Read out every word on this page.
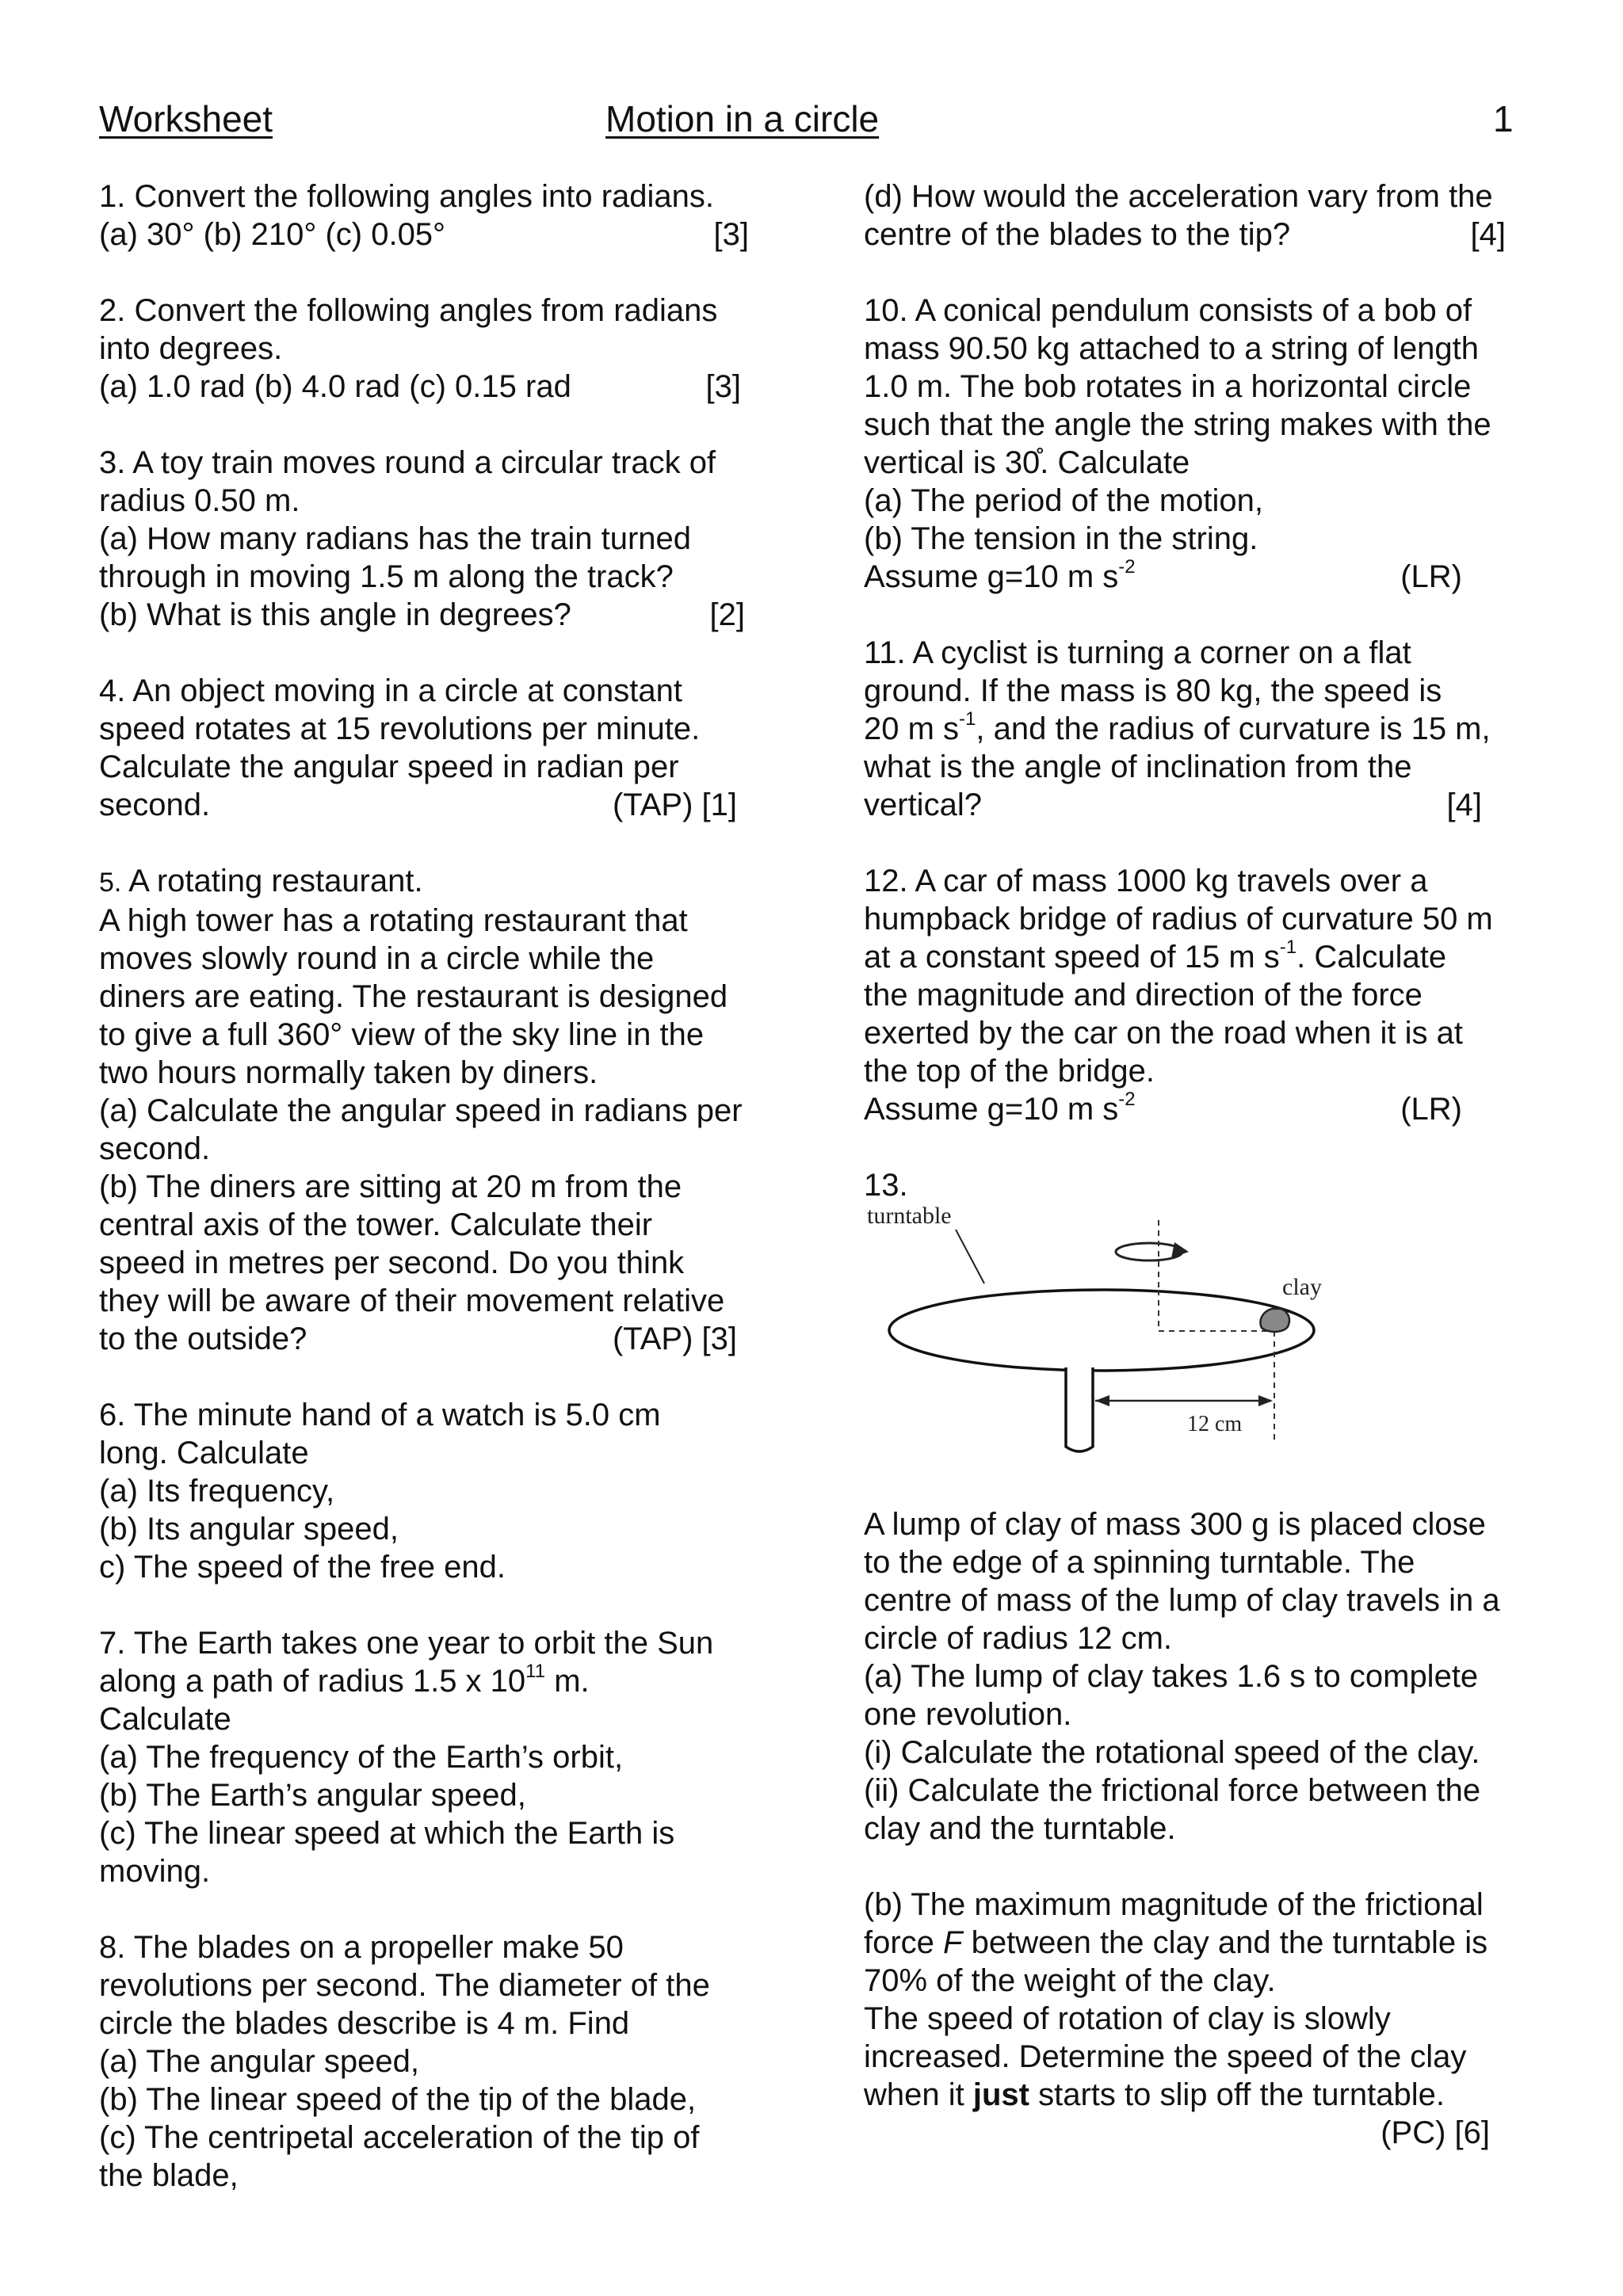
Worksheet	Motion in a circle	1
1. Convert the following angles into radians.
(a) 30° (b) 210° (c) 0.05°	[3]
2. Convert the following angles from radians
into degrees.
(a) 1.0 rad (b) 4.0 rad (c) 0.15 rad	[3]
3. A toy train moves round a circular track of
radius 0.50 m.
(a) How many radians has the train turned
through in moving 1.5 m along the track?
(b) What is this angle in degrees?	[2]
4. An object moving in a circle at constant
speed rotates at 15 revolutions per minute.
Calculate the angular speed in radian per
second.	(TAP) [1]
5. A rotating restaurant.
A high tower has a rotating restaurant that
moves slowly round in a circle while the
diners are eating. The restaurant is designed
to give a full 360° view of the sky line in the
two hours normally taken by diners.
(a) Calculate the angular speed in radians per
second.
(b) The diners are sitting at 20 m from the
central axis of the tower. Calculate their
speed in metres per second. Do you think
they will be aware of their movement relative
to the outside?	(TAP) [3]
6. The minute hand of a watch is 5.0 cm
long. Calculate
(a) Its frequency,
(b) Its angular speed,
c) The speed of the free end.
7. The Earth takes one year to orbit the Sun
along a path of radius 1.5 x $10^{11}$ m.
Calculate
(a) The frequency of the Earth’s orbit,
(b) The Earth’s angular speed,
(c) The linear speed at which the Earth is
moving.
8. The blades on a propeller make 50
revolutions per second. The diameter of the
circle the blades describe is 4 m. Find
(a) The angular speed,
(b) The linear speed of the tip of the blade,
(c) The centripetal acceleration of the tip of
the blade,
(d) How would the acceleration vary from the
centre of the blades to the tip?	[4]
10. A conical pendulum consists of a bob of
mass 90.50 kg attached to a string of length
1.0 m. The bob rotates in a horizontal circle
such that the angle the string makes with the
vertical is 30̊. Calculate
(a) The period of the motion,
(b) The tension in the string.
Assume g=10 m $s^{-2}$	(LR)
11. A cyclist is turning a corner on a flat
ground. If the mass is 80 kg, the speed is
20 m $s^{-1}$, and the radius of curvature is 15 m,
what is the angle of inclination from the
vertical?	[4]
12. A car of mass 1000 kg travels over a
humpback bridge of radius of curvature 50 m
at a constant speed of 15 m $s^{-1}$. Calculate
the magnitude and direction of the force
exerted by the car on the road when it is at
the top of the bridge.
Assume g=10 m $s^{-2}$	(LR)
13.
turntable
clay
12 cm
A lump of clay of mass 300 g is placed close
to the edge of a spinning turntable. The
centre of mass of the lump of clay travels in a
circle of radius 12 cm.
(a) The lump of clay takes 1.6 s to complete
one revolution.
(i) Calculate the rotational speed of the clay.
(ii) Calculate the frictional force between the
clay and the turntable.
(b) The maximum magnitude of the frictional
force F between the clay and the turntable is
70% of the weight of the clay.
The speed of rotation of clay is slowly
increased. Determine the speed of the clay
when it just starts to slip off the turntable.
(PC) [6]
